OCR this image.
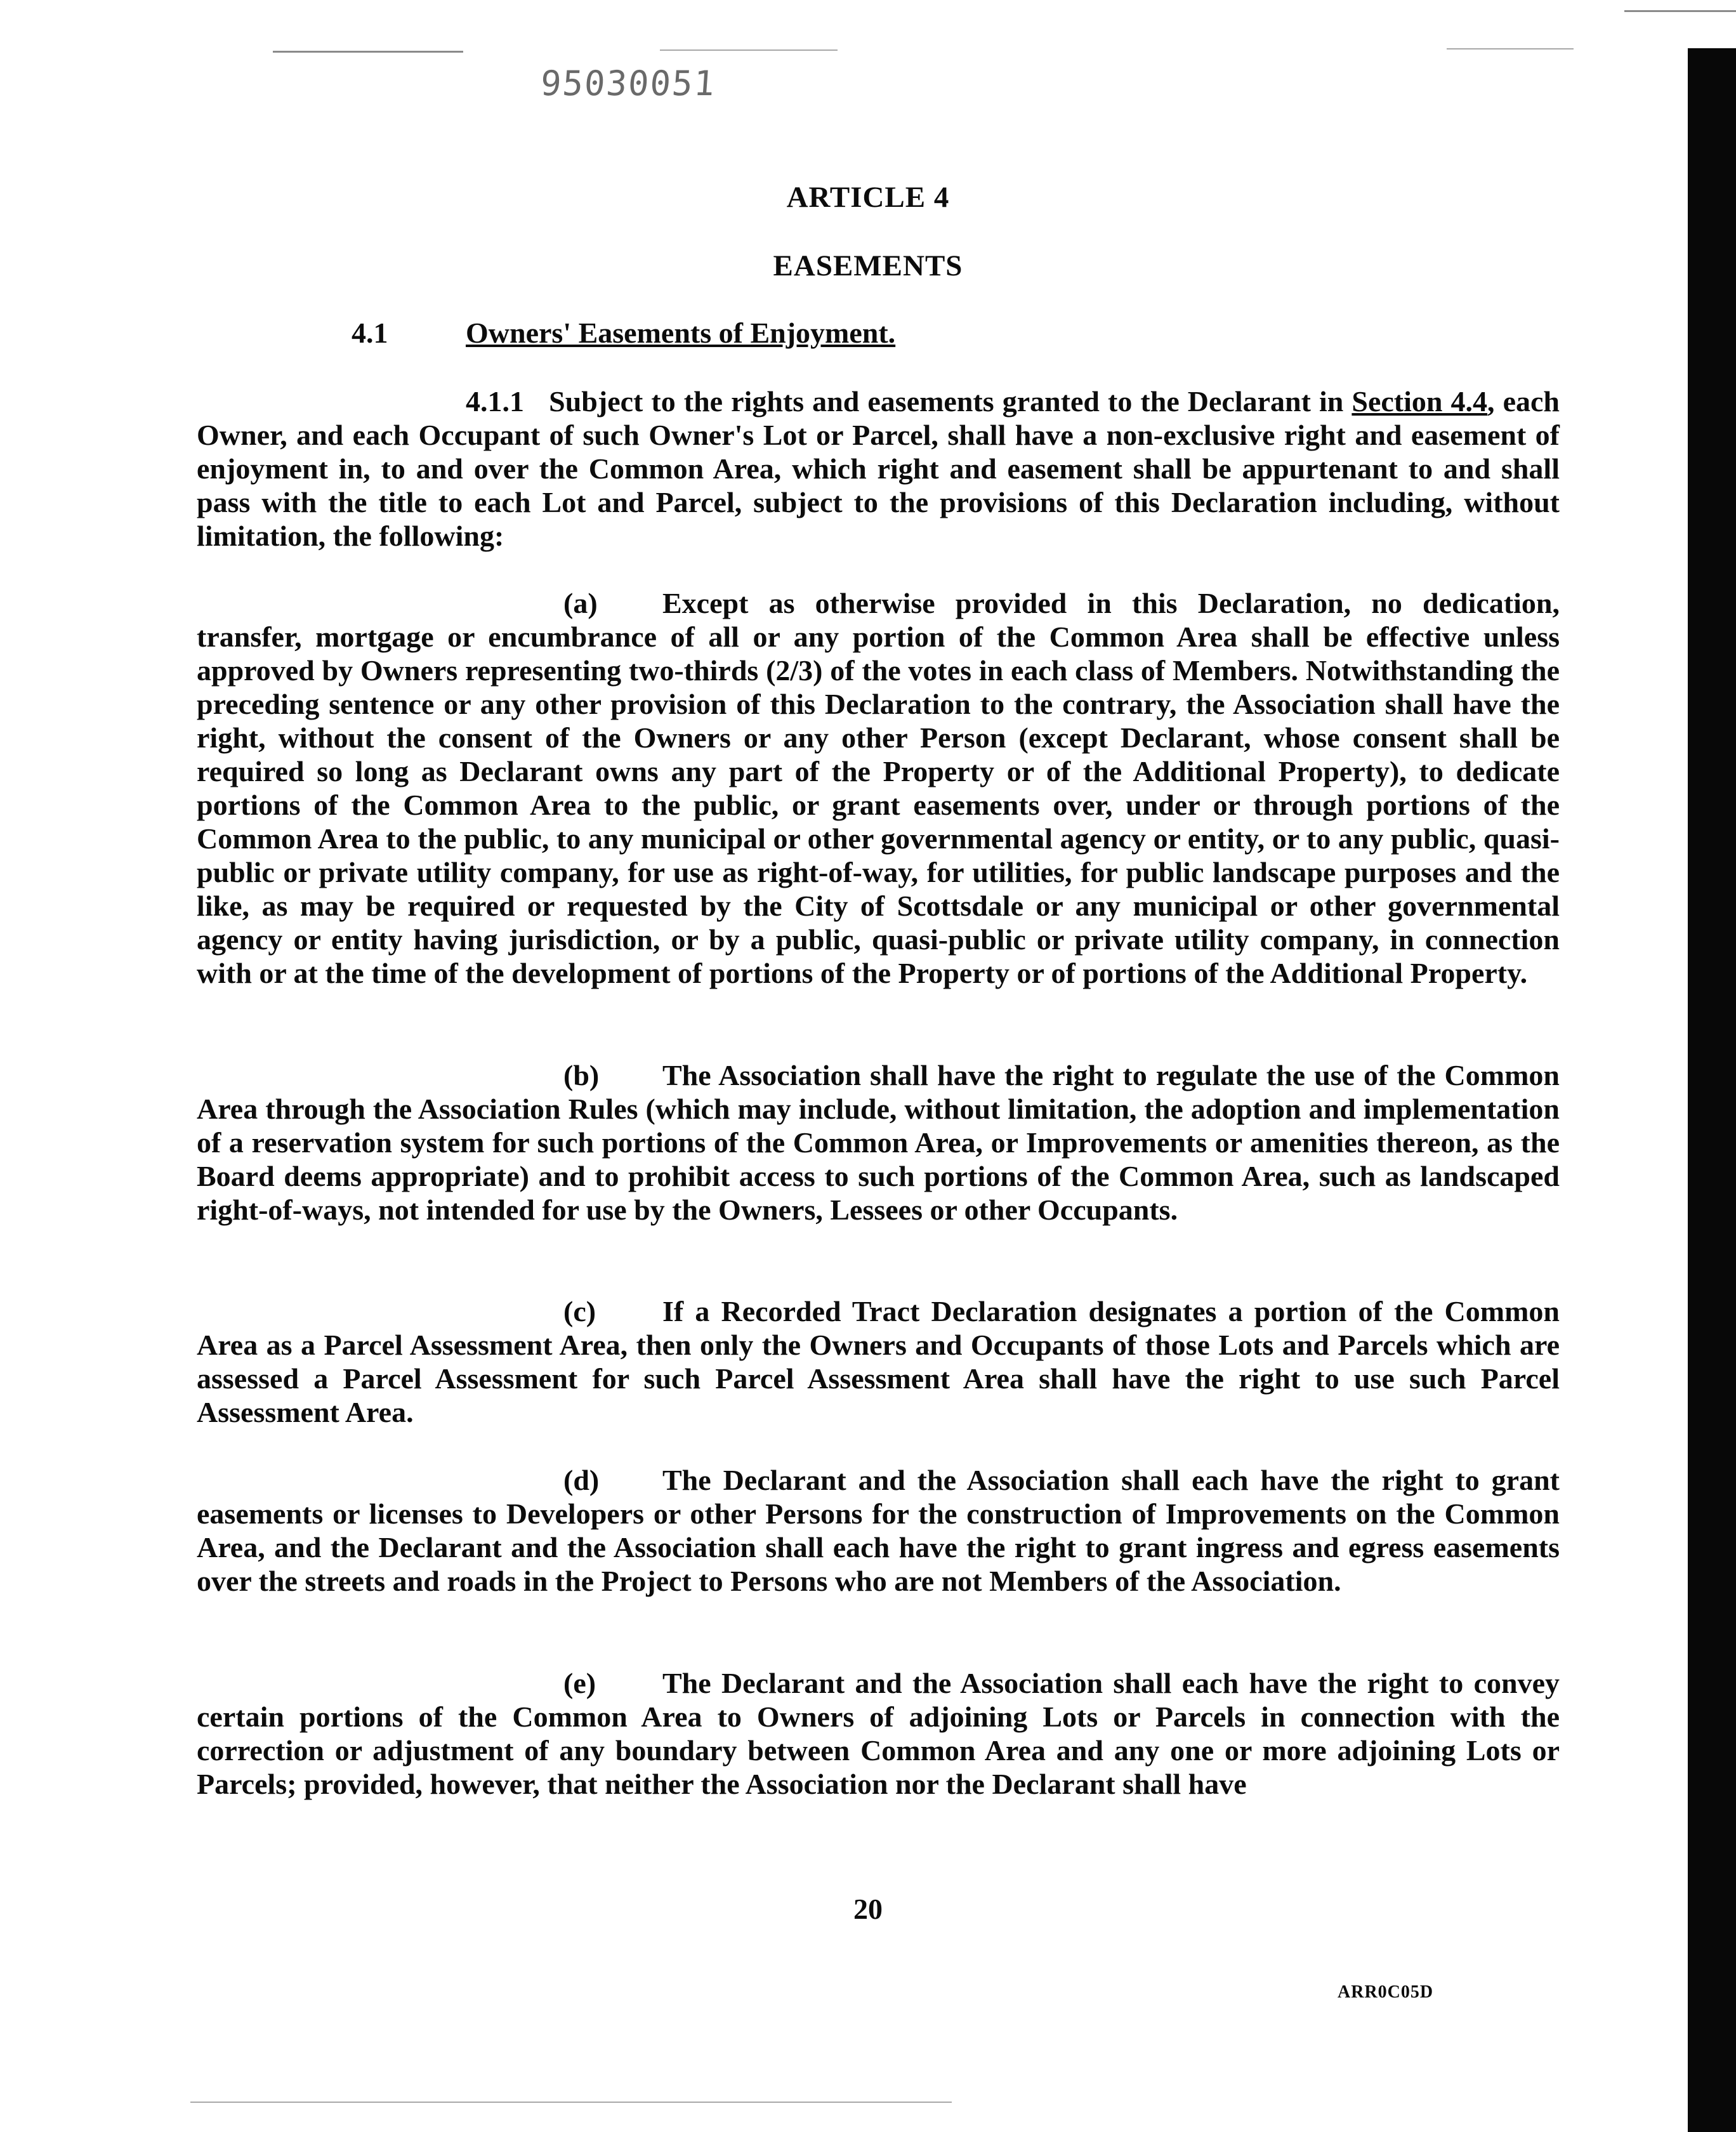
95030051
ARTICLE 4
EASEMENTS
4.1	Owners' Easements of Enjoyment.
4.1.1 Subject to the rights and easements granted to the Declarant in Section 4.4, each Owner, and each Occupant of such Owner's Lot or Parcel, shall have a non-exclusive right and easement of enjoyment in, to and over the Common Area, which right and easement shall be appurtenant to and shall pass with the title to each Lot and Parcel, subject to the provisions of this Declaration including, without limitation, the following:
(a) Except as otherwise provided in this Declaration, no dedication, transfer, mortgage or encumbrance of all or any portion of the Common Area shall be effective unless approved by Owners representing two-thirds (2/3) of the votes in each class of Members. Notwithstanding the preceding sentence or any other provision of this Declaration to the contrary, the Association shall have the right, without the consent of the Owners or any other Person (except Declarant, whose consent shall be required so long as Declarant owns any part of the Property or of the Additional Property), to dedicate portions of the Common Area to the public, or grant easements over, under or through portions of the Common Area to the public, to any municipal or other governmental agency or entity, or to any public, quasi-public or private utility company, for use as right-of-way, for utilities, for public landscape purposes and the like, as may be required or requested by the City of Scottsdale or any municipal or other governmental agency or entity having jurisdiction, or by a public, quasi-public or private utility company, in connection with or at the time of the development of portions of the Property or of portions of the Additional Property.
(b) The Association shall have the right to regulate the use of the Common Area through the Association Rules (which may include, without limitation, the adoption and implementation of a reservation system for such portions of the Common Area, or Improvements or amenities thereon, as the Board deems appropriate) and to prohibit access to such portions of the Common Area, such as landscaped right-of-ways, not intended for use by the Owners, Lessees or other Occupants.
(c) If a Recorded Tract Declaration designates a portion of the Common Area as a Parcel Assessment Area, then only the Owners and Occupants of those Lots and Parcels which are assessed a Parcel Assessment for such Parcel Assessment Area shall have the right to use such Parcel Assessment Area.
(d) The Declarant and the Association shall each have the right to grant easements or licenses to Developers or other Persons for the construction of Improvements on the Common Area, and the Declarant and the Association shall each have the right to grant ingress and egress easements over the streets and roads in the Project to Persons who are not Members of the Association.
(e) The Declarant and the Association shall each have the right to convey certain portions of the Common Area to Owners of adjoining Lots or Parcels in connection with the correction or adjustment of any boundary between Common Area and any one or more adjoining Lots or Parcels; provided, however, that neither the Association nor the Declarant shall have
20
ARR0C05D
